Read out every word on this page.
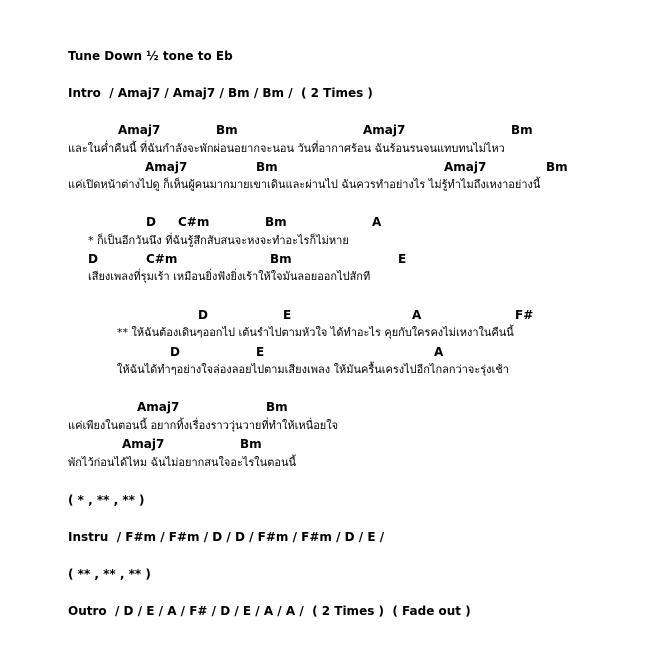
Tune Down ½ tone to Eb
Intro  / Amaj7 / Amaj7 / Bm / Bm /  ( 2 Times )
Amaj7	Bm	Amaj7	Bm
และในค่ำคืนนี้ ที่ฉันกำลังจะพักผ่อนอยากจะนอน วันที่อากาศร้อน ฉันร้อนรนจนแทบทนไม่ไหว
Amaj7	Bm	Amaj7	Bm
แค่เปิดหน้าต่างไปดู ก็เห็นผู้คนมากมายเขาเดินและผ่านไป ฉันควรทำอย่างไร ไม่รู้ทำไมถึงเหงาอย่างนี้
D C#m	Bm	A
* ก็เป็นอีกวันนึง ที่ฉันรู้สึกสับสนจะหงจะทำอะไรก็ไม่หาย
D	C#m	Bm	E
เสียงเพลงที่รุมเร้า เหมือนยิ่งฟังยิ่งเร้าให้ใจมันลอยออกไปสักที
D	E	A	F#
** ให้ฉันต้องเดินๆออกไป เต้นรำไปตามหัวใจ ได้ทำอะไร คุยกับใครคงไม่เหงาในคืนนี้
D	E	A
ให้ฉันได้ทำๆอย่างใจล่องลอยไปตามเสียงเพลง ให้มันครื้นเครงไปอีกไกลกว่าจะรุ่งเช้า
Amaj7	Bm
แค่เพียงในตอนนี้ อยากทิ้งเรื่องราววุ่นวายที่ทำให้เหนื่อยใจ
Amaj7	Bm
พักไว้ก่อนได้ไหม ฉันไม่อยากสนใจอะไรในตอนนี้
( * , ** , ** )
Instru  / F#m / F#m / D / D / F#m / F#m / D / E /
( ** , ** , ** )
Outro  / D / E / A / F# / D / E / A / A /  ( 2 Times )  ( Fade out )
